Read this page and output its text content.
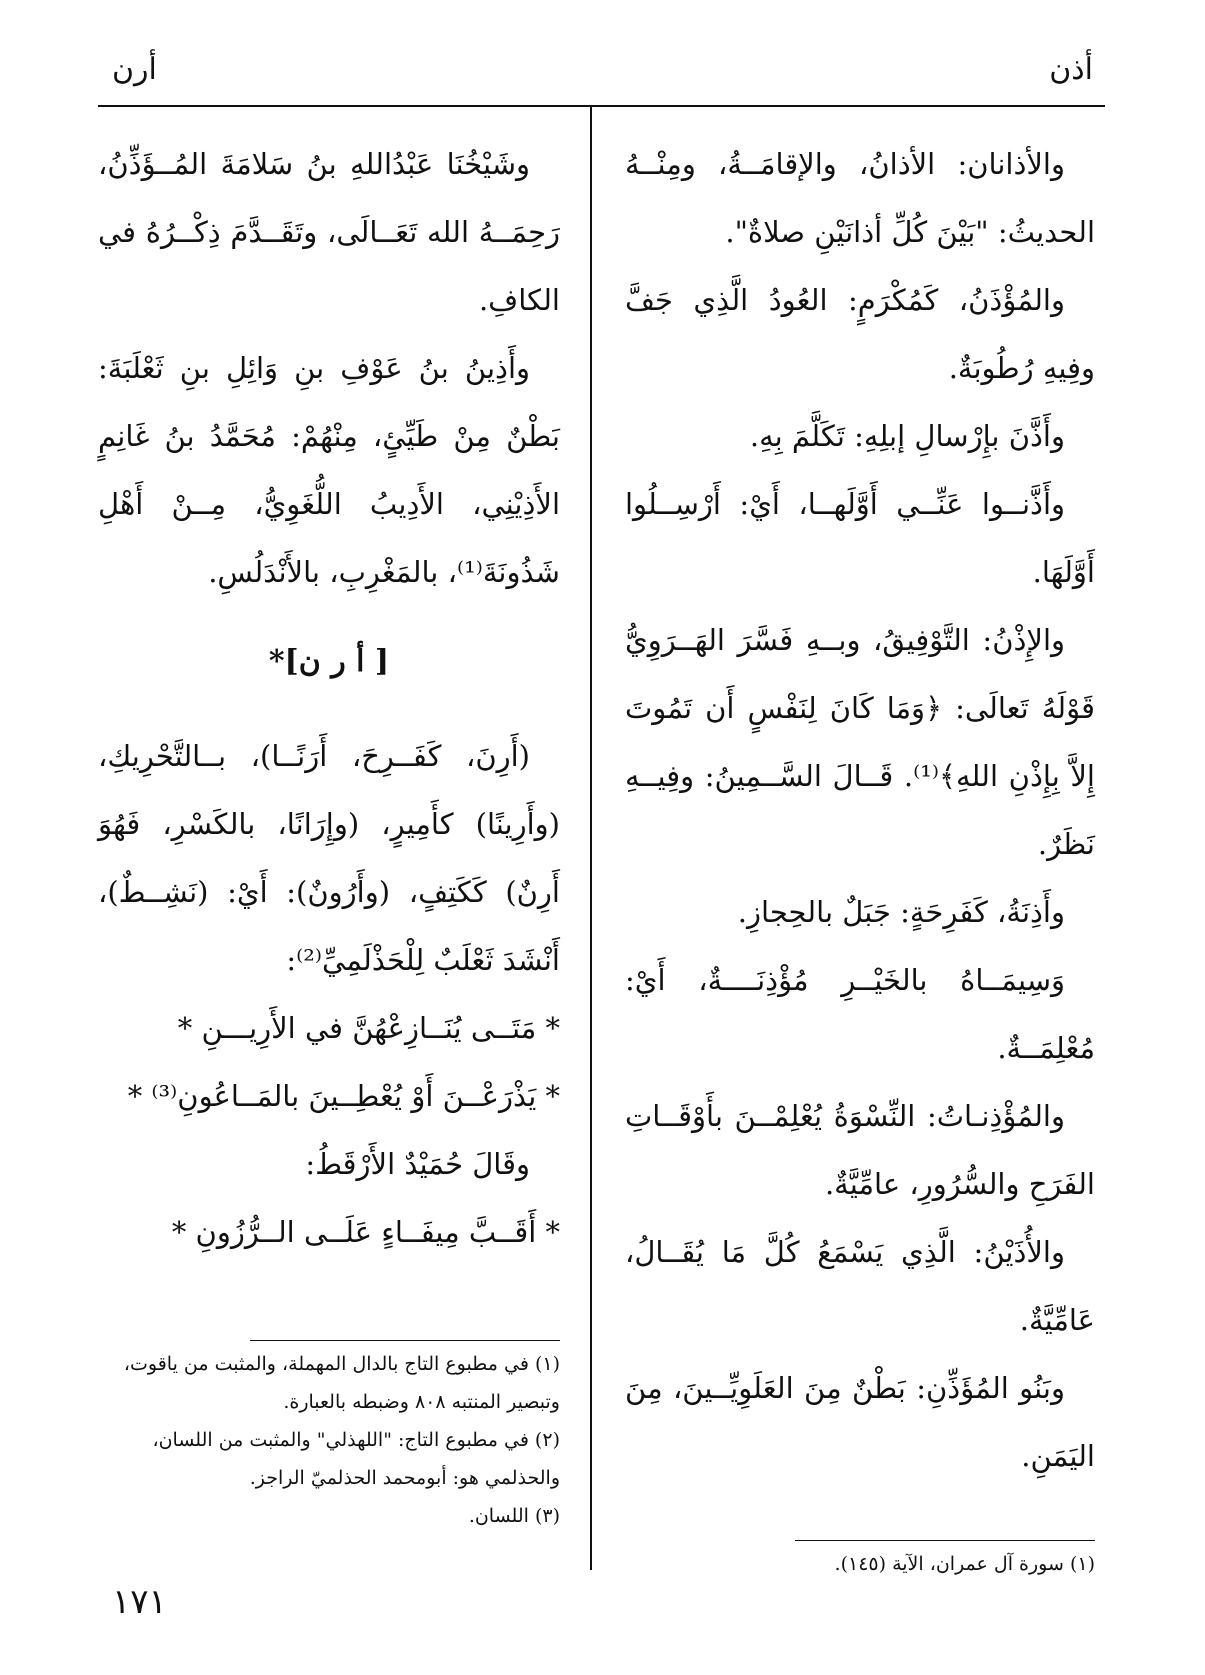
أذن
أرن

والأذانان: الأذانُ، والإقامَــةُ، ومِنْــهُ الحديثُ: "بَيْنَ كُلِّ أذانَيْنِ صلاةٌ".

والمُؤْذَنُ، كَمُكْرَمٍ: العُودُ الَّذِي جَفَّ وفِيهِ رُطُوبَةٌ.

وأَذَّنَ بإِرْسالِ إبلِهِ: تَكَلَّمَ بِهِ.

وأَذَّنــوا عَنِّــي أَوَّلَهــا، أَيْ: أَرْسِــلُوا أَوَّلَهَا.

والإِذْنُ: التَّوْفِيقُ، وبــهِ فَسَّرَ الهَــرَوِيُّ قَوْلَهُ تَعالَى: ﴿وَمَا كَانَ لِنَفْسٍ أَن تَمُوتَ إِلاَّ بِإِذْنِ اللهِ﴾⁽¹⁾. قَــالَ السَّــمِينُ: وفِيــهِ نَظَرٌ.

وأَذِنَةُ، كَفَرِحَةٍ: جَبَلٌ بالحِجازِ.

وَسِيمَــاهُ بالخَيْــرِ مُؤْذِنَــــةٌ، أَيْ: مُعْلِمَــةٌ.

والمُؤْذِنـاتُ: النِّسْوَةُ يُعْلِمْــنَ بأَوْقَــاتِ الفَرَحِ والسُّرُورِ، عامِّيَّةٌ.

والأُذَيْنُ: الَّذِي يَسْمَعُ كُلَّ مَا يُقَــالُ، عَامِّيَّةٌ.

وبَنُو المُؤَذِّنِ: بَطْنٌ مِنَ العَلَوِيِّــينَ، مِنَ اليَمَنِ.

(١) سورة آل عمران، الآية (١٤٥).

وشَيْخُنَا عَبْدُاللهِ بنُ سَلامَةَ المُــؤَذِّنُ، رَحِمَــهُ الله تَعَــالَى، وتَقَــدَّمَ ذِكْــرُهُ في الكافِ.

وأَذِينُ بنُ عَوْفِ بنِ وَائِلِ بنِ ثَعْلَبَةَ: بَطْنٌ مِنْ طَيِّئٍ، مِنْهُمْ: مُحَمَّدُ بنُ غَانِمٍ الأَذِيْنِي، الأَدِيبُ اللُّغَوِيُّ، مِــنْ أَهْلِ شَذُونَةَ⁽¹⁾، بالمَغْرِبِ، بالأَنْدَلُسِ.

[ أ ر ن]*

(أَرِنَ، كَفَــرِحَ، أَرَنًــا)، بــالتَّحْرِيكِ، (وأَرِينًا) كأَمِيرٍ، (وإِرَانًا، بالكَسْرِ، فَهُوَ أَرِنٌ) كَكَتِفٍ، (وأَرُونٌ): أَيْ: (نَشِــطٌ)، أَنْشَدَ ثَعْلَبٌ لِلْحَذْلَمِيِّ⁽²⁾:

* مَتَــى يُنَــازِعْهُنَّ في الأَرِيـــنِ *

* يَذْرَعْــنَ أَوْ يُعْطِــينَ بالمَــاعُونِ⁽³⁾ *

وقَالَ حُمَيْدٌ الأَرْقَطُ:

* أَقَــبَّ مِيفَــاءٍ عَلَــى الــرُّزُونِ *

(١) في مطبوع التاج بالدال المهملة، والمثبت من ياقوت، وتبصير المنتبه ٨٠٨ وضبطه بالعبارة.

(٢) في مطبوع التاج: "اللهذلي" والمثبت من اللسان، والحذلمي هو: أبومحمد الحذلميّ الراجز.

(٣) اللسان.

١٧١
